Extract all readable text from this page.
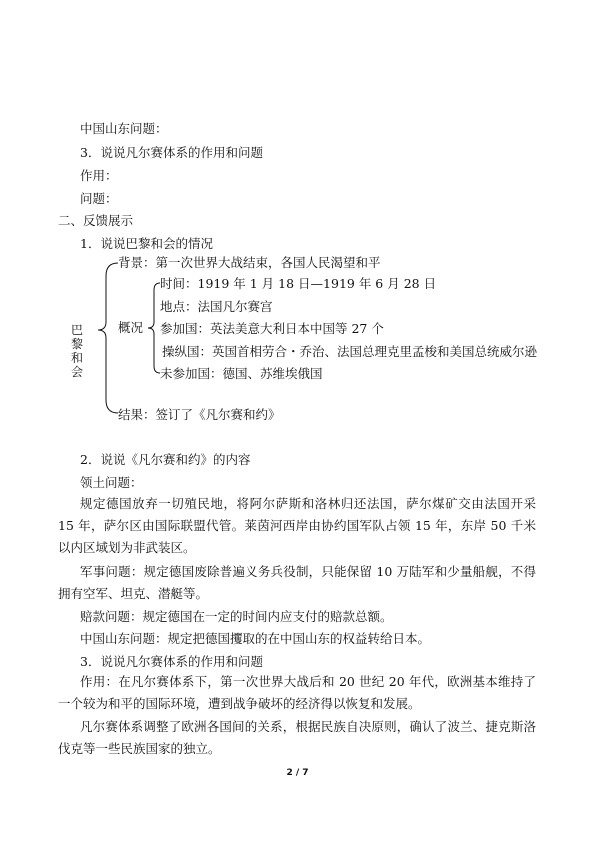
中国山东问题：
3．说说凡尔赛体系的作用和问题
作用：
问题：
二、反馈展示
1．说说巴黎和会的情况
巴黎和会
背景：第一次世界大战结束，各国人民渴望和平
概况
时间：1919 年 1 月 18 日—1919 年 6 月 28 日
地点：法国凡尔赛宫
参加国：英法美意大利日本中国等 27 个
操纵国：英国首相劳合・乔治、法国总理克里孟梭和美国总统威尔逊
未参加国：德国、苏维埃俄国
结果：签订了《凡尔赛和约》
2．说说《凡尔赛和约》的内容
领土问题：
规定德国放弃一切殖民地，将阿尔萨斯和洛林归还法国，萨尔煤矿交由法国开采 15 年，萨尔区由国际联盟代管。莱茵河西岸由协约国军队占领 15 年，东岸 50 千米以内区域划为非武装区。
军事问题：规定德国废除普遍义务兵役制，只能保留 10 万陆军和少量船舰，不得拥有空军、坦克、潜艇等。
赔款问题：规定德国在一定的时间内应支付的赔款总额。
中国山东问题：规定把德国攫取的在中国山东的权益转给日本。
3．说说凡尔赛体系的作用和问题
作用：在凡尔赛体系下，第一次世界大战后和 20 世纪 20 年代，欧洲基本维持了一个较为和平的国际环境，遭到战争破坏的经济得以恢复和发展。
凡尔赛体系调整了欧洲各国间的关系，根据民族自决原则，确认了波兰、捷克斯洛伐克等一些民族国家的独立。
2 / 7
